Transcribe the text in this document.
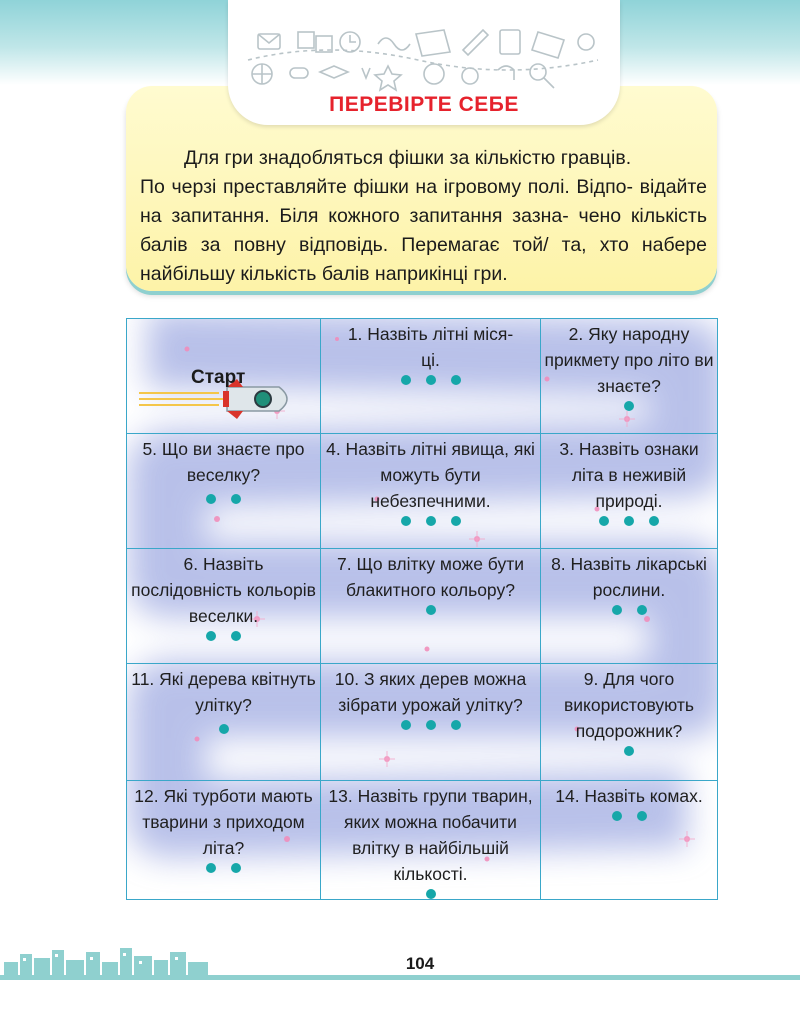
ПЕРЕВІРТЕ СЕБЕ
Для гри знадобляться фішки за кількістю гравців.
По черзі преставляйте фішки на ігровому полі. Відпо- відайте на запитання. Біля кожного запитання зазна- чено кількість балів за повну відповідь. Перемагає той/ та, хто набере найбільшу кількість балів наприкінці гри.
Старт
1. Назвіть літні міся-
ці.
2. Яку народну прикмету про літо ви знаєте?
5. Що ви знаєте про веселку?
4. Назвіть літні явища, які можуть бути небезпечними.
3. Назвіть ознаки літа в неживій природі.
6. Назвіть послідовність кольорів веселки.
7. Що влітку може бути блакитного кольору?
8. Назвіть лікарські рослини.
11. Які дерева квітнуть улітку?
10. З яких дерев можна зібрати урожай улітку?
9. Для чого використовують подорожник?
12. Які турботи мають тварини з приходом літа?
13. Назвіть групи тварин, яких можна побачити влітку в найбільшій кількості.
14. Назвіть комах.
104
